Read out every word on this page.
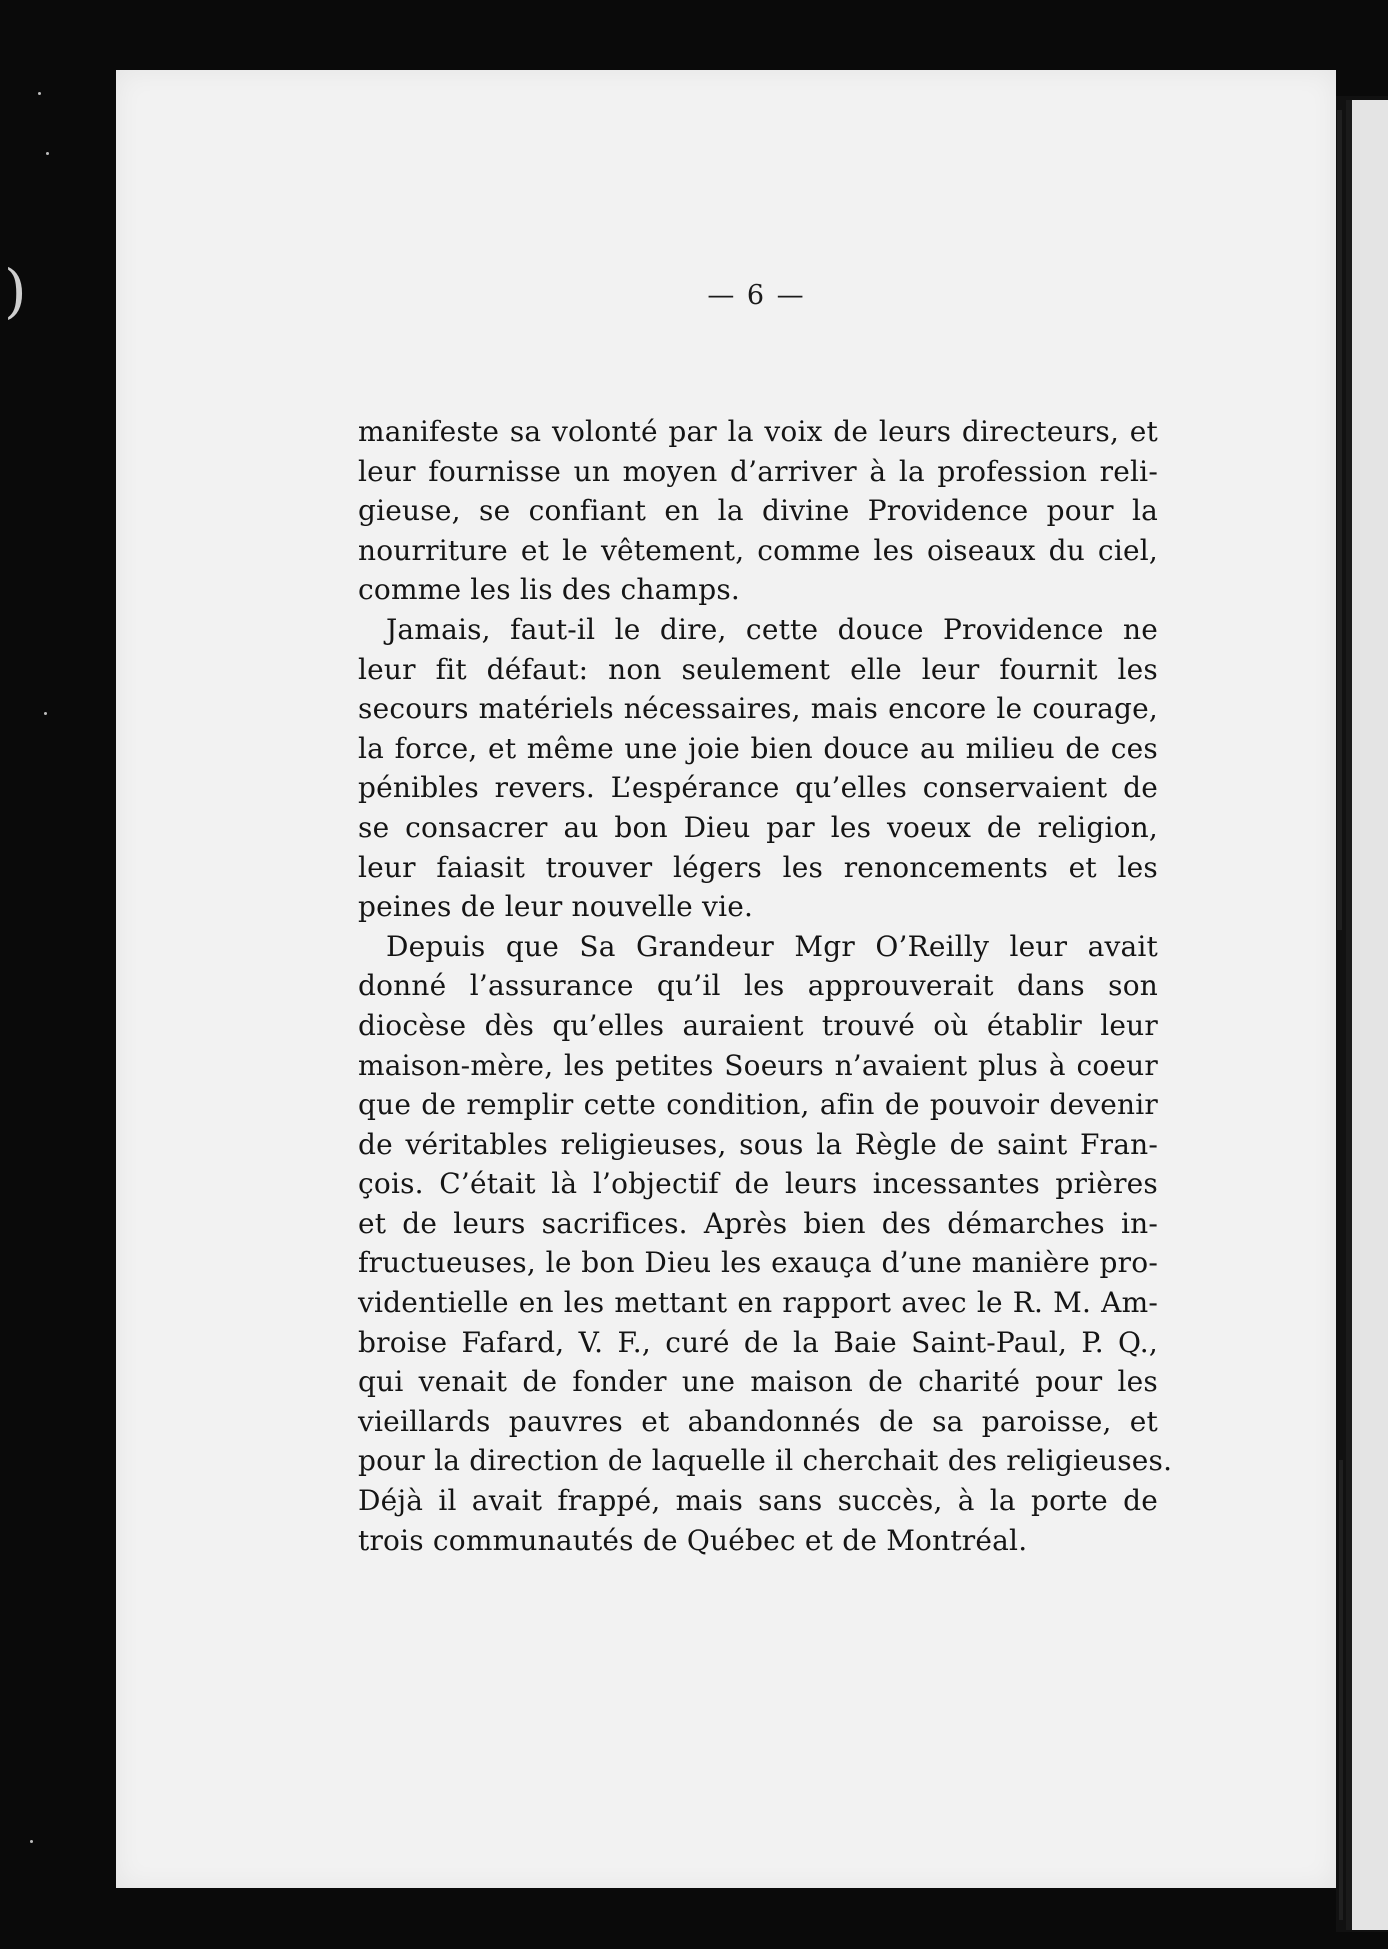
)	— 6 —
manifeste sa volonté par la voix de leurs directeurs, et
leur fournisse un moyen d’arriver à la profession reli-
gieuse, se confiant en la divine Providence pour la
nourriture et le vêtement, comme les oiseaux du ciel,
comme les lis des champs.
Jamais, faut-il le dire, cette douce Providence ne
leur fit défaut: non seulement elle leur fournit les
secours matériels nécessaires, mais encore le courage,
la force, et même une joie bien douce au milieu de ces
pénibles revers. L’espérance qu’elles conservaient de
se consacrer au bon Dieu par les voeux de religion,
leur faiasit trouver légers les renoncements et les
peines de leur nouvelle vie.
Depuis que Sa Grandeur Mgr O’Reilly leur avait
donné l’assurance qu’il les approuverait dans son
diocèse dès qu’elles auraient trouvé où établir leur
maison-mère, les petites Soeurs n’avaient plus à coeur
que de remplir cette condition, afin de pouvoir devenir
de véritables religieuses, sous la Règle de saint Fran-
çois. C’était là l’objectif de leurs incessantes prières
et de leurs sacrifices. Après bien des démarches in-
fructueuses, le bon Dieu les exauça d’une manière pro-
videntielle en les mettant en rapport avec le R. M. Am-
broise Fafard, V. F., curé de la Baie Saint-Paul, P. Q.,
qui venait de fonder une maison de charité pour les
vieillards pauvres et abandonnés de sa paroisse, et
pour la direction de laquelle il cherchait des religieuses.
Déjà il avait frappé, mais sans succès, à la porte de
trois communautés de Québec et de Montréal.
